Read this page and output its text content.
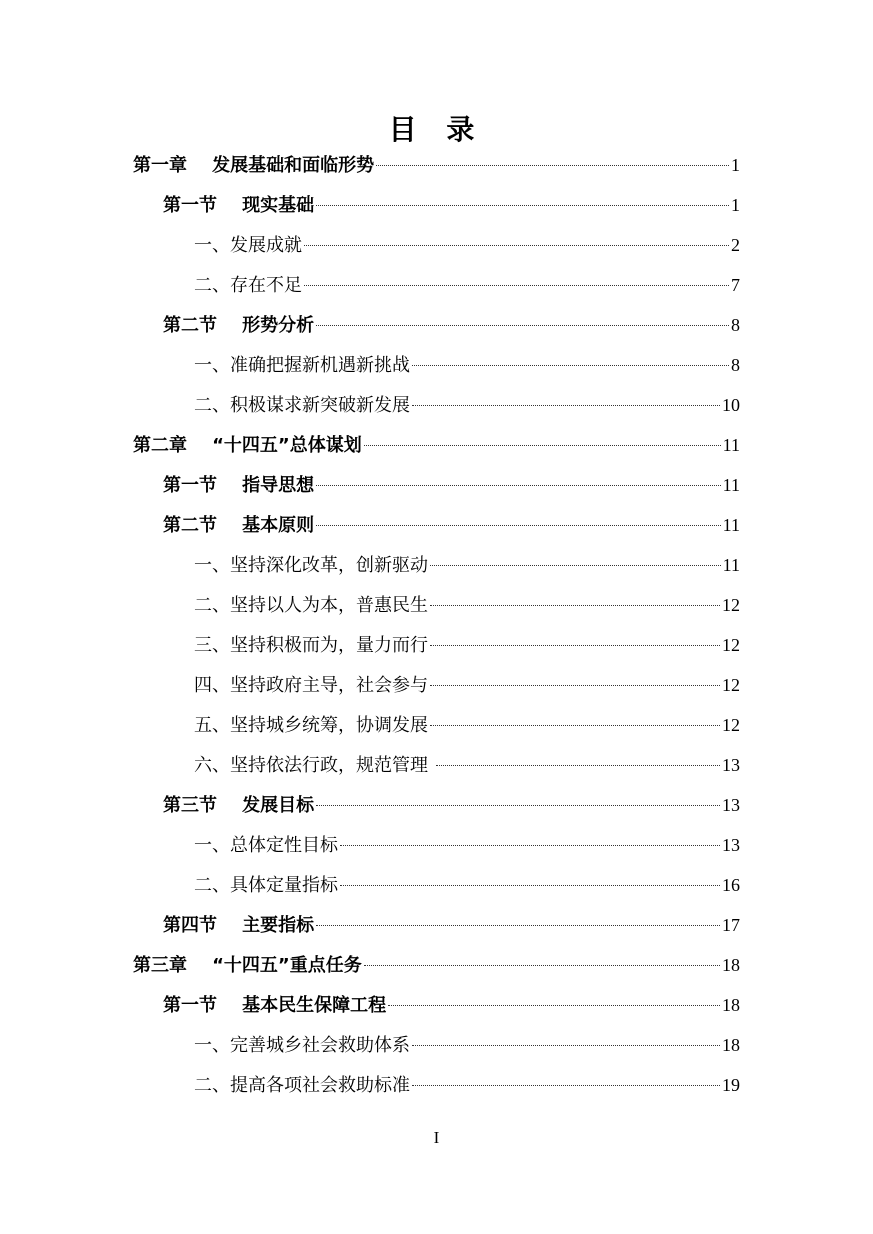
目 录
第一章    发展基础和面临形势	1
第一节    现实基础	1
一、发展成就	2
二、存在不足	7
第二节    形势分析	8
一、准确把握新机遇新挑战	8
二、积极谋求新突破新发展	10
第二章    “十四五”总体谋划	11
第一节    指导思想	11
第二节    基本原则	11
一、坚持深化改革，创新驱动	11
二、坚持以人为本，普惠民生	12
三、坚持积极而为，量力而行	12
四、坚持政府主导，社会参与	12
五、坚持城乡统筹，协调发展	12
六、坚持依法行政，规范管理	13
第三节    发展目标	13
一、总体定性目标	13
二、具体定量指标	16
第四节    主要指标	17
第三章    “十四五”重点任务	18
第一节    基本民生保障工程	18
一、完善城乡社会救助体系	18
二、提高各项社会救助标准	19
I
